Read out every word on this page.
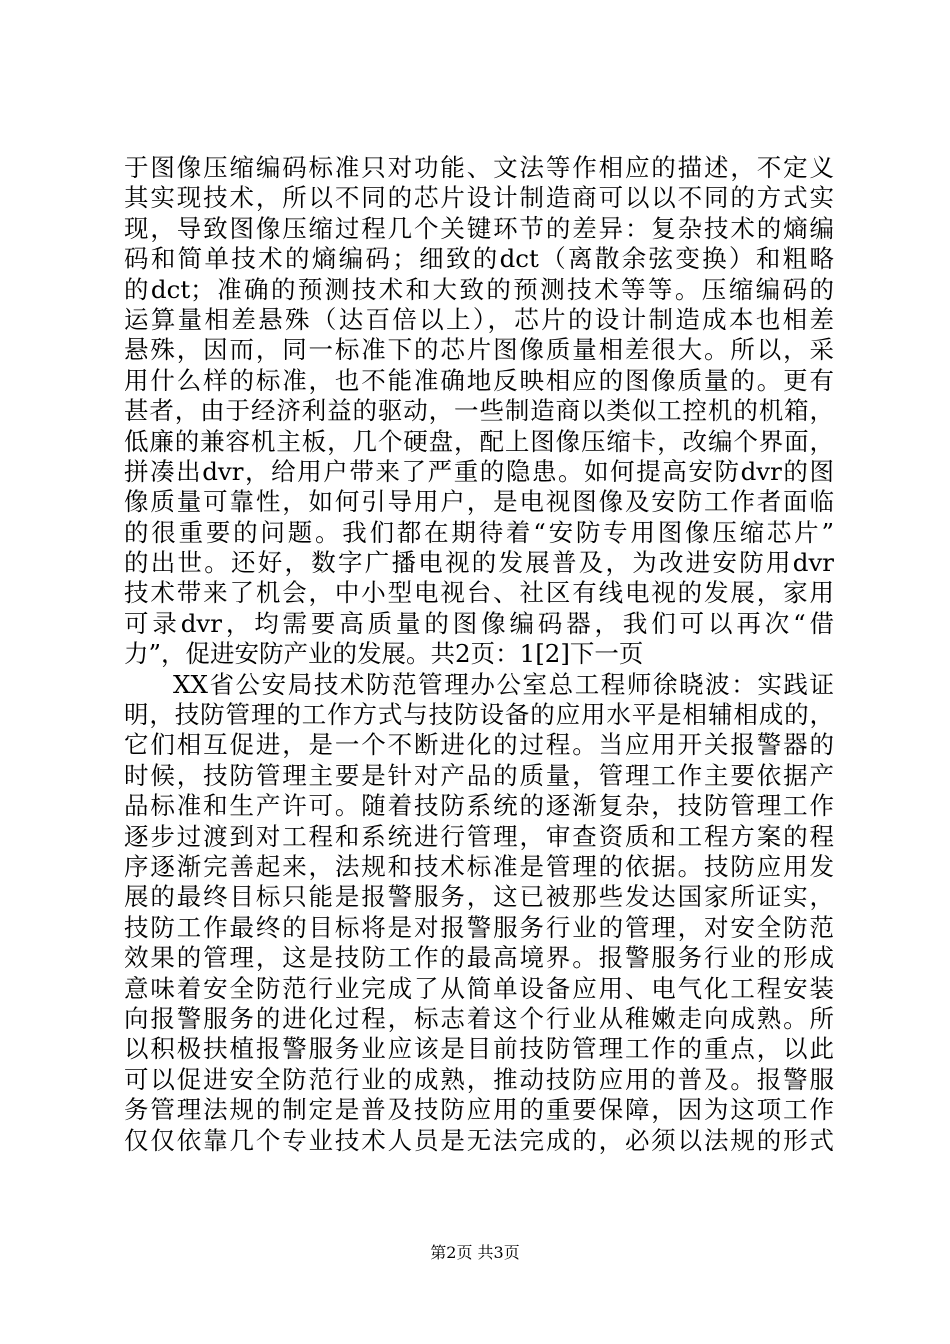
于图像压缩编码标准只对功能、文法等作相应的描述，不定义
其实现技术，所以不同的芯片设计制造商可以以不同的方式实
现，导致图像压缩过程几个关键环节的差异：复杂技术的熵编
码和简单技术的熵编码；细致的dct（离散余弦变换）和粗略
的dct；准确的预测技术和大致的预测技术等等。压缩编码的
运算量相差悬殊（达百倍以上），芯片的设计制造成本也相差
悬殊，因而，同一标准下的芯片图像质量相差很大。所以，采
用什么样的标准，也不能准确地反映相应的图像质量的。更有
甚者，由于经济利益的驱动，一些制造商以类似工控机的机箱，
低廉的兼容机主板，几个硬盘，配上图像压缩卡，改编个界面，
拼凑出dvr，给用户带来了严重的隐患。如何提高安防dvr的图
像质量可靠性，如何引导用户，是电视图像及安防工作者面临
的很重要的问题。我们都在期待着“安防专用图像压缩芯片”
的出世。还好，数字广播电视的发展普及，为改进安防用dvr
技术带来了机会，中小型电视台、社区有线电视的发展，家用
可录dvr，均需要高质量的图像编码器，我们可以再次“借
力”，促进安防产业的发展。共2页：1[2]下一页
XX省公安局技术防范管理办公室总工程师徐晓波：实践证
明，技防管理的工作方式与技防设备的应用水平是相辅相成的，
它们相互促进，是一个不断进化的过程。当应用开关报警器的
时候，技防管理主要是针对产品的质量，管理工作主要依据产
品标准和生产许可。随着技防系统的逐渐复杂，技防管理工作
逐步过渡到对工程和系统进行管理，审查资质和工程方案的程
序逐渐完善起来，法规和技术标准是管理的依据。技防应用发
展的最终目标只能是报警服务，这已被那些发达国家所证实，
技防工作最终的目标将是对报警服务行业的管理，对安全防范
效果的管理，这是技防工作的最高境界。报警服务行业的形成
意味着安全防范行业完成了从简单设备应用、电气化工程安装
向报警服务的进化过程，标志着这个行业从稚嫩走向成熟。所
以积极扶植报警服务业应该是目前技防管理工作的重点，以此
可以促进安全防范行业的成熟，推动技防应用的普及。报警服
务管理法规的制定是普及技防应用的重要保障，因为这项工作
仅仅依靠几个专业技术人员是无法完成的，必须以法规的形式
第2页 共3页
